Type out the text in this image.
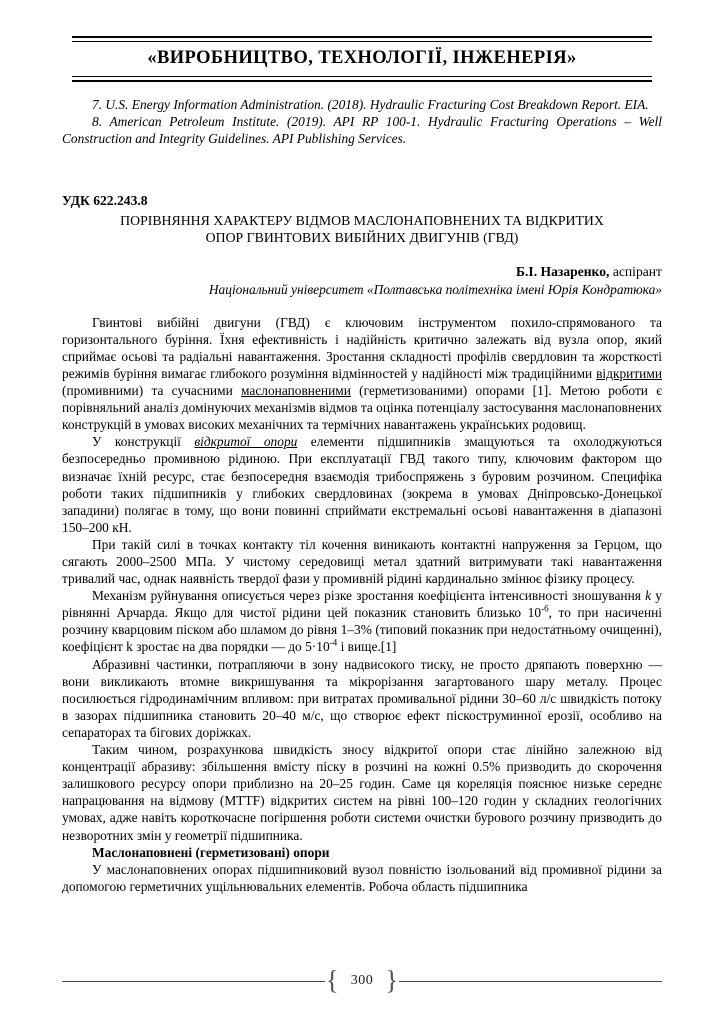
«ВИРОБНИЦТВО, ТЕХНОЛОГІЇ, ІНЖЕНЕРІЯ»

7. U.S. Energy Information Administration. (2018). Hydraulic Fracturing Cost Breakdown Report. EIA.

8. American Petroleum Institute. (2019). API RP 100-1. Hydraulic Fracturing Operations – Well Construction and Integrity Guidelines. API Publishing Services.

УДК 622.243.8
ПОРІВНЯННЯ ХАРАКТЕРУ ВІДМОВ МАСЛОНАПОВНЕНИХ ТА ВІДКРИТИХ
ОПОР ГВИНТОВИХ ВИБІЙНИХ ДВИГУНІВ (ГВД)
Б.І. Назаренко, аспірант
Національний університет «Полтавська політехніка імені Юрія Кондратюка»

Гвинтові вибійні двигуни (ГВД) є ключовим інструментом похило-спрямованого та горизонтального буріння. Їхня ефективність і надійність критично залежать від вузла опор, який сприймає осьові та радіальні навантаження. Зростання складності профілів свердловин та жорсткості режимів буріння вимагає глибокого розуміння відмінностей у надійності між традиційними відкритими (промивними) та сучасними маслонаповненими (герметизованими) опорами [1]. Метою роботи є порівняльний аналіз домінуючих механізмів відмов та оцінка потенціалу застосування маслонаповнених конструкцій в умовах високих механічних та термічних навантажень українських родовищ.

У конструкції відкритої опори елементи підшипників змащуються та охолоджуються безпосередньо промивною рідиною. При експлуатації ГВД такого типу, ключовим фактором що визначає їхній ресурс, стає безпосередня взаємодія трибоспряжень з буровим розчином. Специфіка роботи таких підшипників у глибоких свердловинах (зокрема в умовах Дніпровсько-Донецької западини) полягає в тому, що вони повинні сприймати екстремальні осьові навантаження в діапазоні 150–200 кН.

При такій силі в точках контакту тіл кочення виникають контактні напруження за Герцом, що сягають 2000–2500 МПа. У чистому середовищі метал здатний витримувати такі навантаження тривалий час, однак наявність твердої фази у промивній рідині кардинально змінює фізику процесу.

Механізм руйнування описується через різке зростання коефіцієнта інтенсивності зношування k у рівнянні Арчарда. Якщо для чистої рідини цей показник становить близько $10^{-6}$, то при насиченні розчину кварцовим піском або шламом до рівня 1–3% (типовий показник при недостатньому очищенні), коефіцієнт k зростає на два порядки — до $5\cdot 10^{-4}$ і вище.[1]

Абразивні частинки, потрапляючи в зону надвисокого тиску, не просто дряпають поверхню — вони викликають втомне викришування та мікрорізання загартованого шару металу. Процес посилюється гідродинамічним впливом: при витратах промивальної рідини 30–60 л/с швидкість потоку в зазорах підшипника становить 20–40 м/с, що створює ефект піскоструминної ерозії, особливо на сепараторах та бігових доріжках.

Таким чином, розрахункова швидкість зносу відкритої опори стає лінійно залежною від концентрації абразиву: збільшення вмісту піску в розчині на кожні 0.5% призводить до скорочення залишкового ресурсу опори приблизно на 20–25 годин. Саме ця кореляція пояснює низьке середнє напрацювання на відмову (MTTF) відкритих систем на рівні 100–120 годин у складних геологічних умовах, адже навіть короткочасне погіршення роботи системи очистки бурового розчину призводить до незворотних змін у геометрії підшипника.

Маслонаповнені (герметизовані) опори

У маслонаповнених опорах підшипниковий вузол повністю ізольований від промивної рідини за допомогою герметичних ущільнювальних елементів. Робоча область підшипника

{ 300 }
